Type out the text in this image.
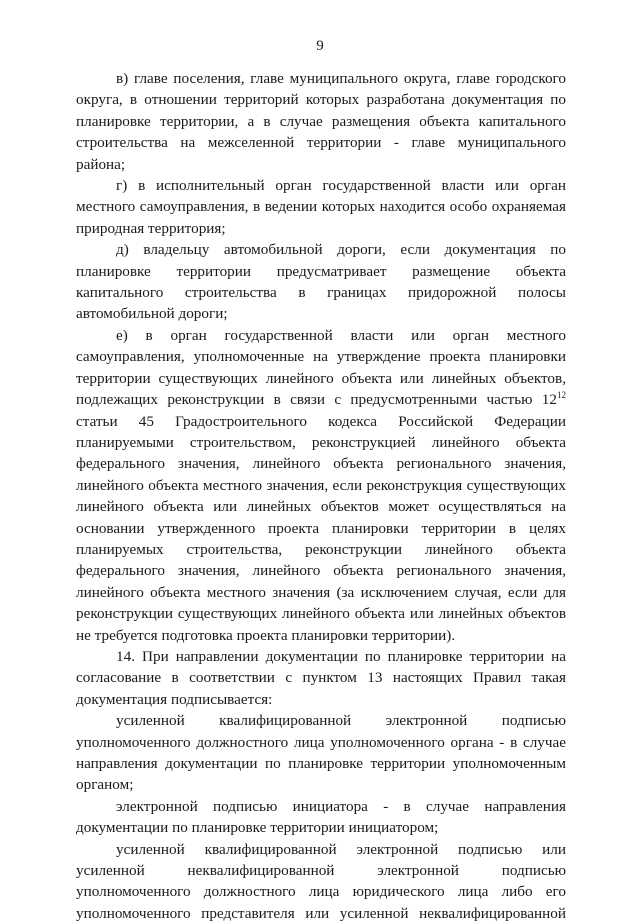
9

в) главе поселения, главе муниципального округа, главе городского округа, в отношении территорий которых разработана документация по планировке территории, а в случае размещения объекта капитального строительства на межселенной территории - главе муниципального района;

г) в исполнительный орган государственной власти или орган местного самоуправления, в ведении которых находится особо охраняемая природная территория;

д) владельцу автомобильной дороги, если документация по планировке территории предусматривает размещение объекта капитального строительства в границах придорожной полосы автомобильной дороги;

е) в орган государственной власти или орган местного самоуправления, уполномоченные на утверждение проекта планировки территории существующих линейного объекта или линейных объектов, подлежащих реконструкции в связи с предусмотренными частью $12^{12}$ статьи 45 Градостроительного кодекса Российской Федерации планируемыми строительством, реконструкцией линейного объекта федерального значения, линейного объекта регионального значения, линейного объекта местного значения, если реконструкция существующих линейного объекта или линейных объектов может осуществляться на основании утвержденного проекта планировки территории в целях планируемых строительства, реконструкции линейного объекта федерального значения, линейного объекта регионального значения, линейного объекта местного значения (за исключением случая, если для реконструкции существующих линейного объекта или линейных объектов не требуется подготовка проекта планировки территории).

14. При направлении документации по планировке территории на согласование в соответствии с пунктом 13 настоящих Правил такая документация подписывается:

усиленной квалифицированной электронной подписью уполномоченного должностного лица уполномоченного органа - в случае направления документации по планировке территории уполномоченным органом;

электронной подписью инициатора - в случае направления документации по планировке территории инициатором;

усиленной квалифицированной электронной подписью или усиленной неквалифицированной электронной подписью уполномоченного должностного лица юридического лица либо его уполномоченного представителя или усиленной неквалифицированной
